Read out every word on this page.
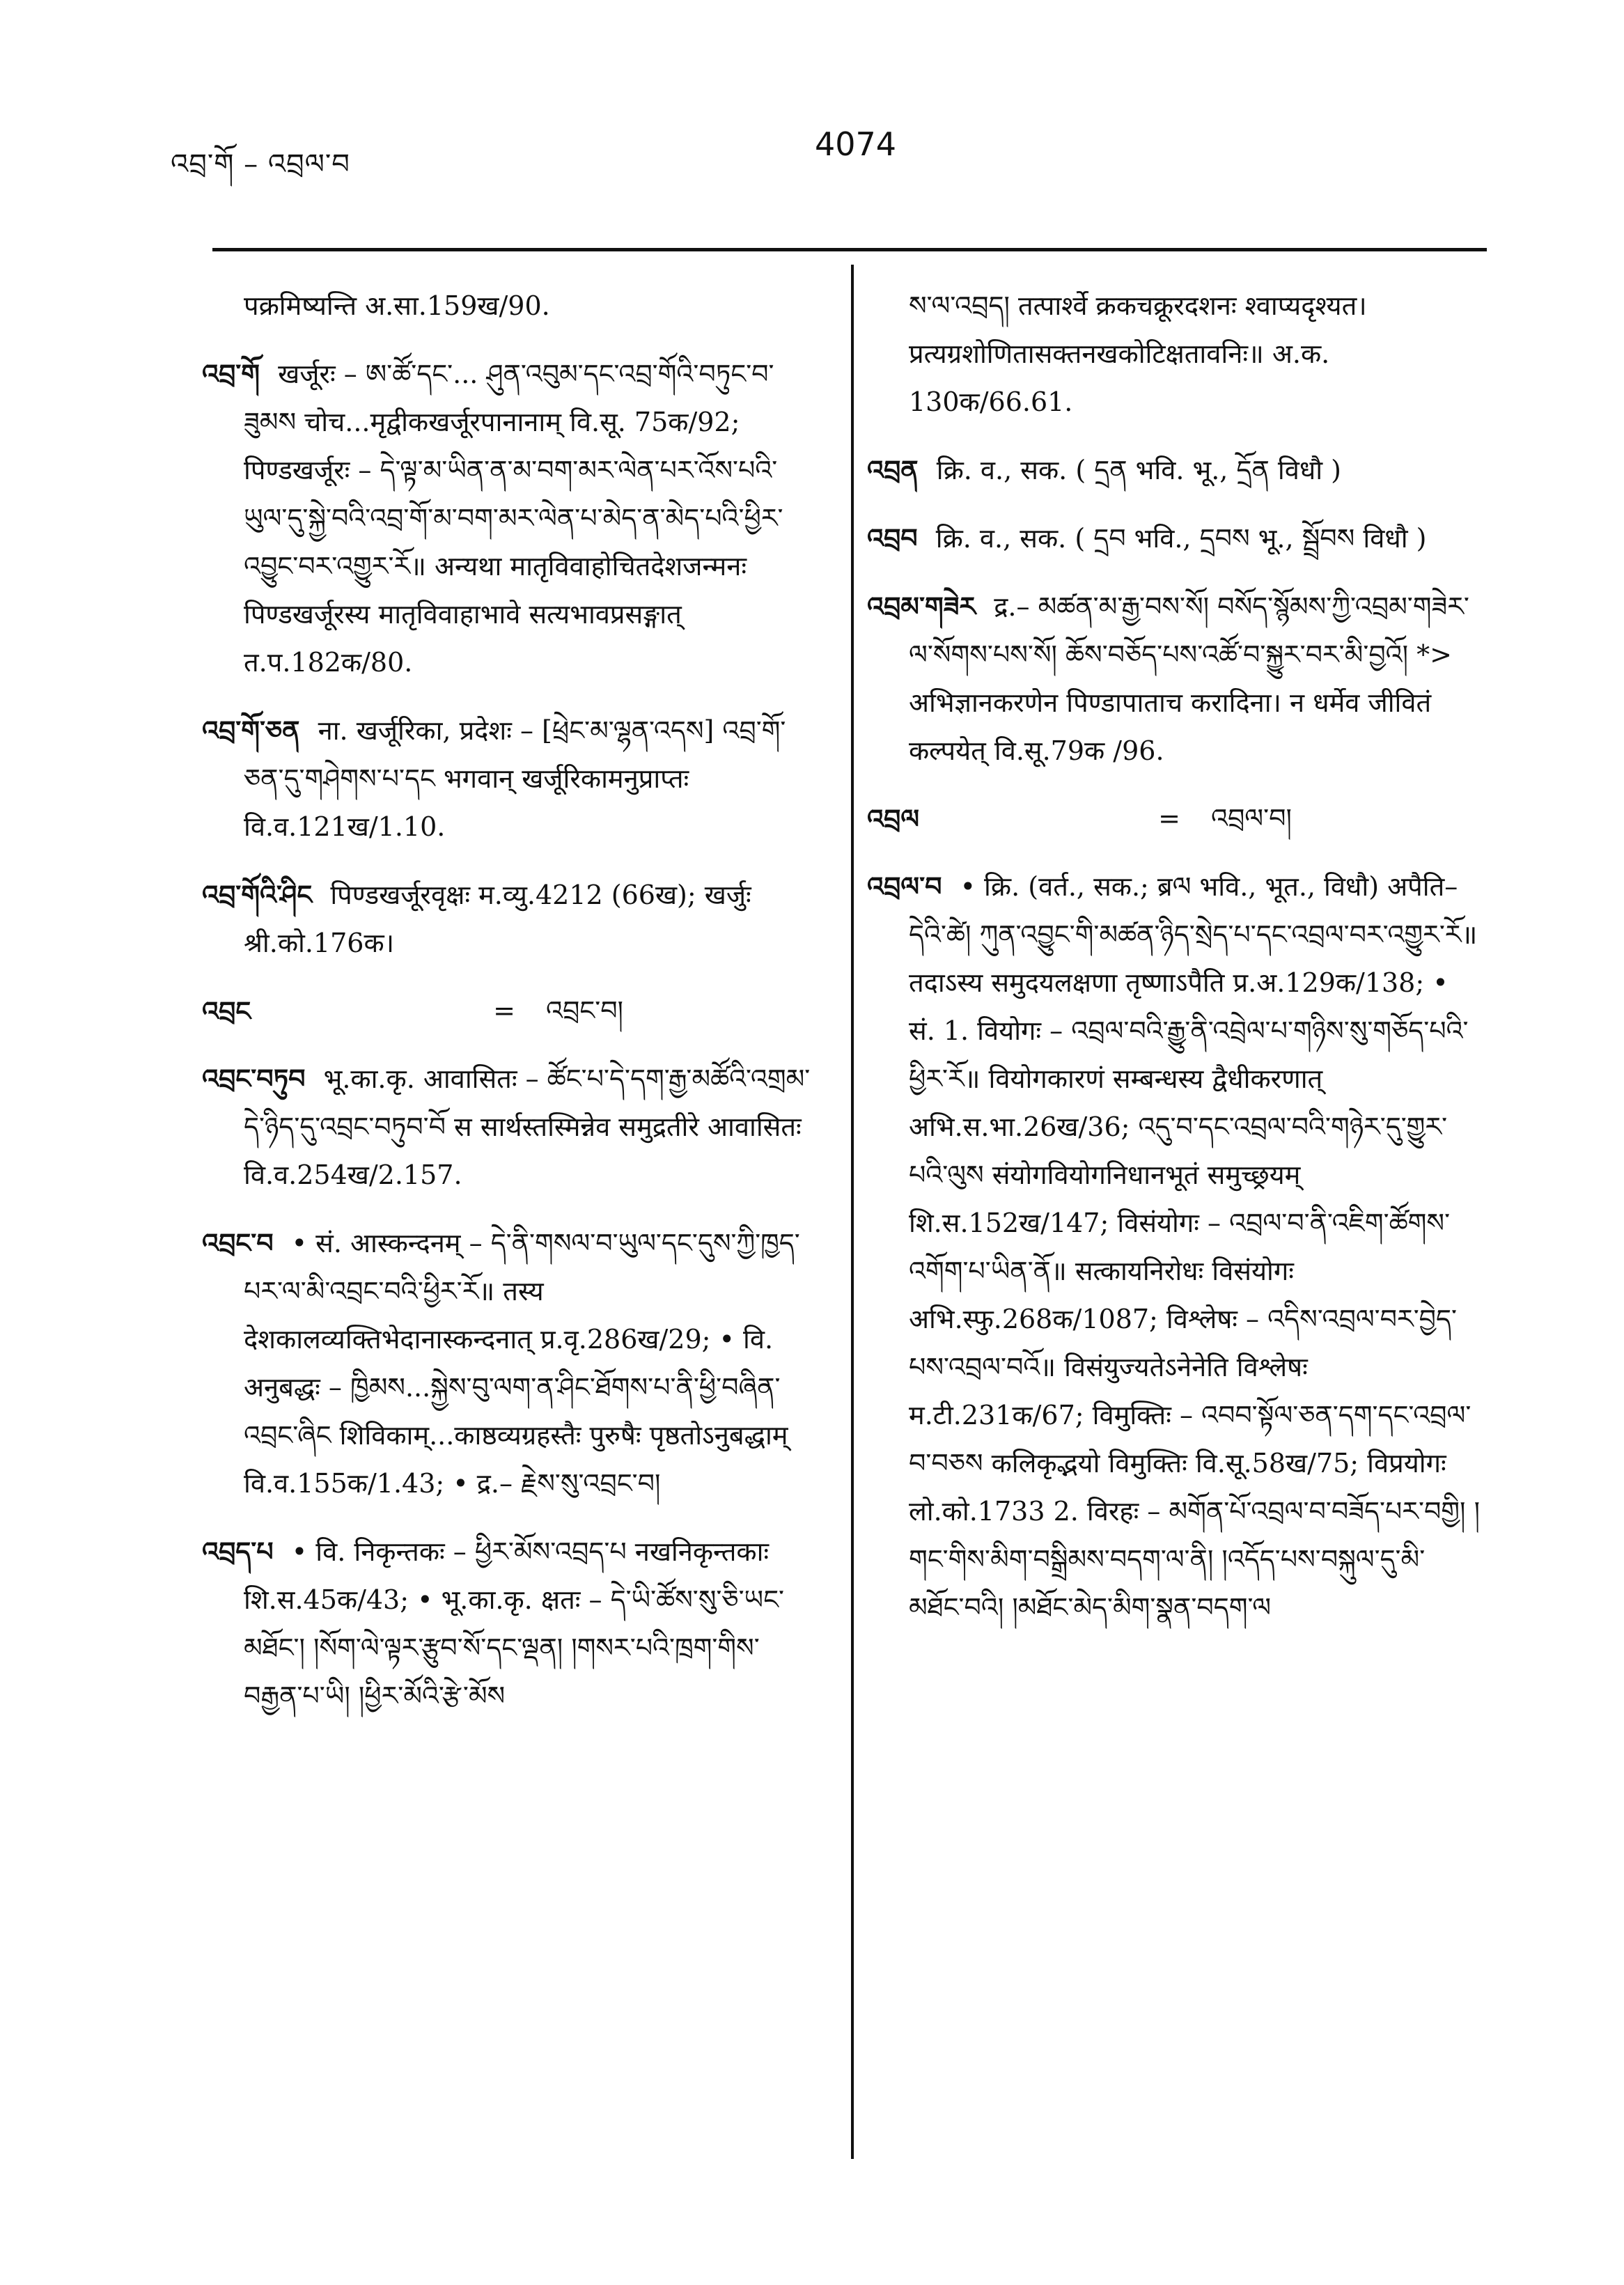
འབྲ་གོ – འབྲལ་བ
4074
पक्रमिष्यन्ति अ.सा.159ख/90.
འབྲ་གོ खर्जूरः – ཨ་ཚོ་དང་... ཤུན་འབུམ་དང་འབྲ་གོའི་བཏུང་བ་ཟུམས चोच...मृद्वीकखर्जूरपानानाम् वि.सू. 75क/92; पिण्डखर्जूरः – དེ་ལྟ་མ་ཡིན་ན་མ་བག་མར་ལེན་པར་འོས་པའི་ཡུལ་དུ་སྐྱེ་བའི་འབྲ་གོ་མ་བག་མར་ལེན་པ་མེད་ན་མེད་པའི་ཕྱིར་འབྱུང་བར་འགྱུར་རོ॥ अन्यथा मातृविवाहोचितदेशजन्मनः पिण्डखर्जूरस्य मातृविवाहाभावे सत्यभावप्रसङ्गात् त.प.182क/80.
འབྲ་གོ་ཅན ना. खर्जूरिका, प्रदेशः – [ཕྲེང་མ་ལྷན་འདས] འབྲ་གོ་ཅན་དུ་གཤེགས་པ་དང भगवान् खर्जूरिकामनुप्राप्तः वि.व.121ख/1.10.
འབྲ་གོའི་ཤིང पिण्डखर्जूरवृक्षः म.व्यु.4212 (66ख); खर्जुः श्री.को.176क।
འབྲང	=	འབྲང་བ།
འབྲང་བཏུབ भू.का.कृ. आवासितः – ཚོང་པ་དེ་དག་རྒྱ་མཚོའི་འགྲམ་དེ་ཉིད་དུ་འབྲང་བཏུབ་བོ स सार्थस्तस्मिन्नेव समुद्रतीरे आवासितः वि.व.254ख/2.157.
འབྲང་བ • सं. आस्कन्दनम् – དེ་ནི་གསལ་བ་ཡུལ་དང་དུས་ཀྱི་ཁྱད་པར་ལ་མི་འབྲང་བའི་ཕྱིར་རོ॥ तस्य देशकालव्यक्तिभेदानास्कन्दनात् प्र.वृ.286ख/29; • वि. अनुबद्धः – ཁྱིམས...སྐྱེས་བུ་ལག་ན་ཤིང་ཐོགས་པ་ནི་ཕྱི་བཞིན་འབྲང་ཞིང शिविकाम्...काष्ठव्यग्रहस्तैः पुरुषैः पृष्ठतोऽनुबद्धाम् वि.व.155क/1.43; • द्र.– རྗེས་སུ་འབྲང་བ།
འབྲད་པ • वि. निकृन्तकः – ཕྱིར་མོས་འབྲད་པ नखनिकृन्तकाः शि.स.45क/43; • भू.का.कृ. क्षतः – དེ་ཡི་ཚོས་སུ་ཅི་ཡང་མཐོང་། །སོག་ལེ་ལྟར་རྩུབ་སོ་དང་ལྡན། །གསར་པའི་ཁྲག་གིས་བརྒྱན་པ་ཡི། །ཕྱིར་མོའི་རྩེ་མོས
ས་ལ་འབྲད། तत्पार्श्वे क्रकचक्रूरदशनः श्वाप्यदृश्यत। प्रत्यग्रशोणितासक्तनखकोटिक्षतावनिः॥ अ.क. 130क/66.61.
འབྲན क्रि. व., सक. ( དྲན भवि. भू., དྲོན विधौ )
འབྲབ क्रि. व., सक. ( དྲབ भवि., དྲབས भू., སྦྲོབས विधौ )
འབྲམ་གཟེར द्र.– མཚན་མ་རྒྱ་བས་སོ། བསོད་སྙོམས་ཀྱི་འབྲམ་གཟེར་ལ་སོགས་པས་སོ། ཆོས་བཅོད་པས་འཚོ་བ་སྐྱུར་བར་མི་བྱའོ། *> अभिज्ञानकरणेन पिण्डापाताच करादिना। न धर्मेव जीवितं कल्पयेत् वि.सू.79क /96.
འབྲལ	=	འབྲལ་བ།
འབྲལ་བ • क्रि. (वर्त., सक.; ब्रལ भवि., भूत., विधौ) अपैति–དེའི་ཚེ། ཀུན་འབྱུང་གི་མཚན་ཉིད་སྲེད་པ་དང་འབྲལ་བར་འགྱུར་རོ॥ तदाऽस्य समुदयलक्षणा तृष्णाऽपैति प्र.अ.129क/138; • सं. 1. वियोगः – འབྲལ་བའི་རྒྱུ་ནི་འབྲེལ་པ་གཉིས་སུ་གཅོད་པའི་ཕྱིར་རོ॥ वियोगकारणं सम्बन्धस्य द्वैधीकरणात् अभि.स.भा.26ख/36; འདུ་བ་དང་འབྲལ་བའི་གཉེར་དུ་གྱུར་པའི་ལུས संयोगवियोगनिधानभूतं समुच्छ्रयम् शि.स.152ख/147; विसंयोगः – འབྲལ་བ་ནི་འཇིག་ཚོགས་འགོག་པ་ཡིན་ནོ॥ सत्कायनिरोधः विसंयोगः अभि.स्फु.268क/1087; विश्लेषः – འདིས་འབྲལ་བར་བྱེད་པས་འབྲལ་བའོ॥ विसंयुज्यतेऽनेनेति विश्लेषः म.टी.231क/67; विमुक्तिः – འབབ་སྟོལ་ཅན་དག་དང་འབྲལ་བ་བཅས कलिकृद्भयो विमुक्तिः वि.सू.58ख/75; विप्रयोगः लो.को.1733 2. विरहः – མགོན་པོ་འབྲལ་བ་བཟོད་པར་བགྱི། །གང་གིས་མིག་བསྒྲིམས་བདག་ལ་ནི། །འདོད་པས་བསྐུལ་དུ་མི་མཐོང་བའི། །མཐོང་མེད་མིག་སྣན་བདག་ལ
